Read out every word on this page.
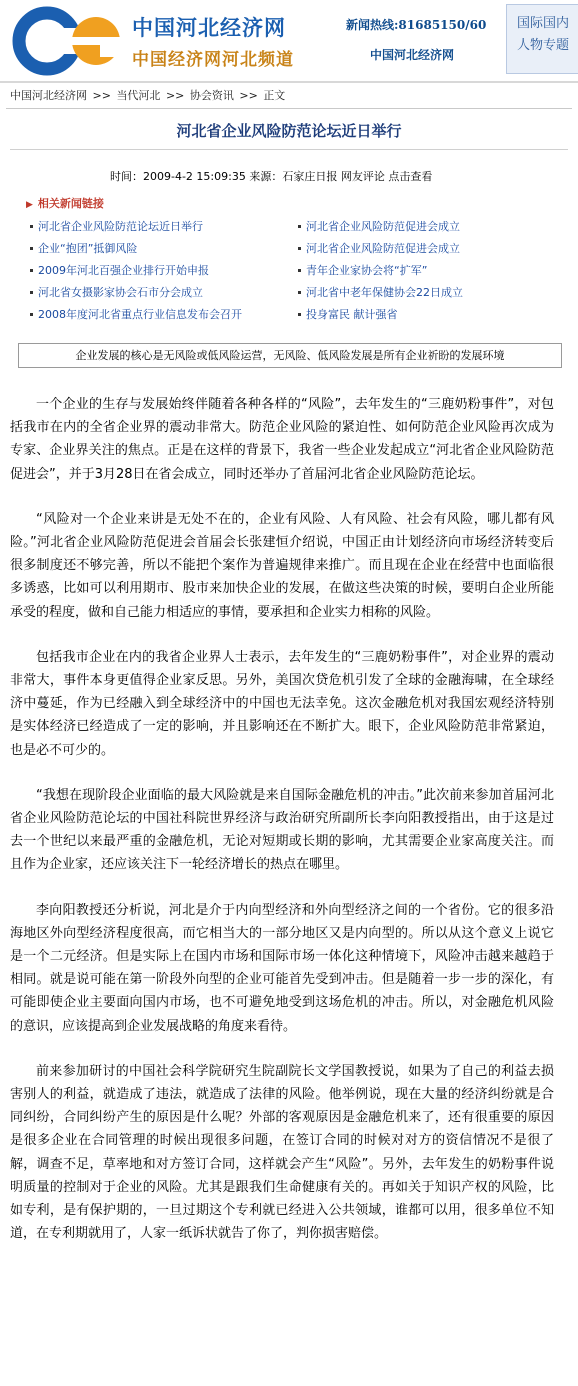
中国河北经济网
中国经济网河北频道
新闻热线:81685150/60
中国河北经济网
国际国内
人物专题
中国河北经济网 >> 当代河北 >> 协会资讯 >> 正文
河北省企业风险防范论坛近日举行
时间：2009-4-2 15:09:35 来源：石家庄日报 网友评论 点击查看
▶ 相关新闻链接
河北省企业风险防范论坛近日举行
企业“抱团”抵御风险
2009年河北百强企业排行开始申报
河北省女摄影家协会石市分会成立
2008年度河北省重点行业信息发布会召开
河北省企业风险防范促进会成立
河北省企业风险防范促进会成立
青年企业家协会将“扩军”
河北省中老年保健协会22日成立
投身富民 献计强省
企业发展的核心是无风险或低风险运营，无风险、低风险发展是所有企业祈盼的发展环境

一个企业的生存与发展始终伴随着各种各样的“风险”，去年发生的“三鹿奶粉事件”，对包括我市在内的全省企业界的震动非常大。防范企业风险的紧迫性、如何防范企业风险再次成为专家、企业界关注的焦点。正是在这样的背景下，我省一些企业发起成立“河北省企业风险防范促进会”，并于3月28日在省会成立，同时还举办了首届河北省企业风险防范论坛。

“风险对一个企业来讲是无处不在的，企业有风险、人有风险、社会有风险，哪儿都有风险。”河北省企业风险防范促进会首届会长张建恒介绍说，中国正由计划经济向市场经济转变后很多制度还不够完善，所以不能把个案作为普遍规律来推广。而且现在企业在经营中也面临很多诱惑，比如可以利用期市、股市来加快企业的发展，在做这些决策的时候，要明白企业所能承受的程度，做和自己能力相适应的事情，要承担和企业实力相称的风险。

包括我市企业在内的我省企业界人士表示，去年发生的“三鹿奶粉事件”，对企业界的震动非常大，事件本身更值得企业家反思。另外，美国次贷危机引发了全球的金融海啸，在全球经济中蔓延，作为已经融入到全球经济中的中国也无法幸免。这次金融危机对我国宏观经济特别是实体经济已经造成了一定的影响，并且影响还在不断扩大。眼下，企业风险防范非常紧迫，也是必不可少的。

“我想在现阶段企业面临的最大风险就是来自国际金融危机的冲击。”此次前来参加首届河北省企业风险防范论坛的中国社科院世界经济与政治研究所副所长李向阳教授指出，由于这是过去一个世纪以来最严重的金融危机，无论对短期或长期的影响，尤其需要企业家高度关注。而且作为企业家，还应该关注下一轮经济增长的热点在哪里。

李向阳教授还分析说，河北是介于内向型经济和外向型经济之间的一个省份。它的很多沿海地区外向型经济程度很高，而它相当大的一部分地区又是内向型的。所以从这个意义上说它是一个二元经济。但是实际上在国内市场和国际市场一体化这种情境下，风险冲击越来越趋于相同。就是说可能在第一阶段外向型的企业可能首先受到冲击。但是随着一步一步的深化，有可能即使企业主要面向国内市场，也不可避免地受到这场危机的冲击。所以，对金融危机风险的意识，应该提高到企业发展战略的角度来看待。

前来参加研讨的中国社会科学院研究生院副院长文学国教授说，如果为了自己的利益去损害别人的利益，就造成了违法，就造成了法律的风险。他举例说，现在大量的经济纠纷就是合同纠纷，合同纠纷产生的原因是什么呢？外部的客观原因是金融危机来了，还有很重要的原因是很多企业在合同管理的时候出现很多问题，在签订合同的时候对对方的资信情况不是很了解，调查不足，草率地和对方签订合同，这样就会产生“风险”。另外，去年发生的奶粉事件说明质量的控制对于企业的风险。尤其是跟我们生命健康有关的。再如关于知识产权的风险，比如专利，是有保护期的，一旦过期这个专利就已经进入公共领域，谁都可以用，很多单位不知道，在专利期就用了，人家一纸诉状就告了你了，判你损害赔偿。
